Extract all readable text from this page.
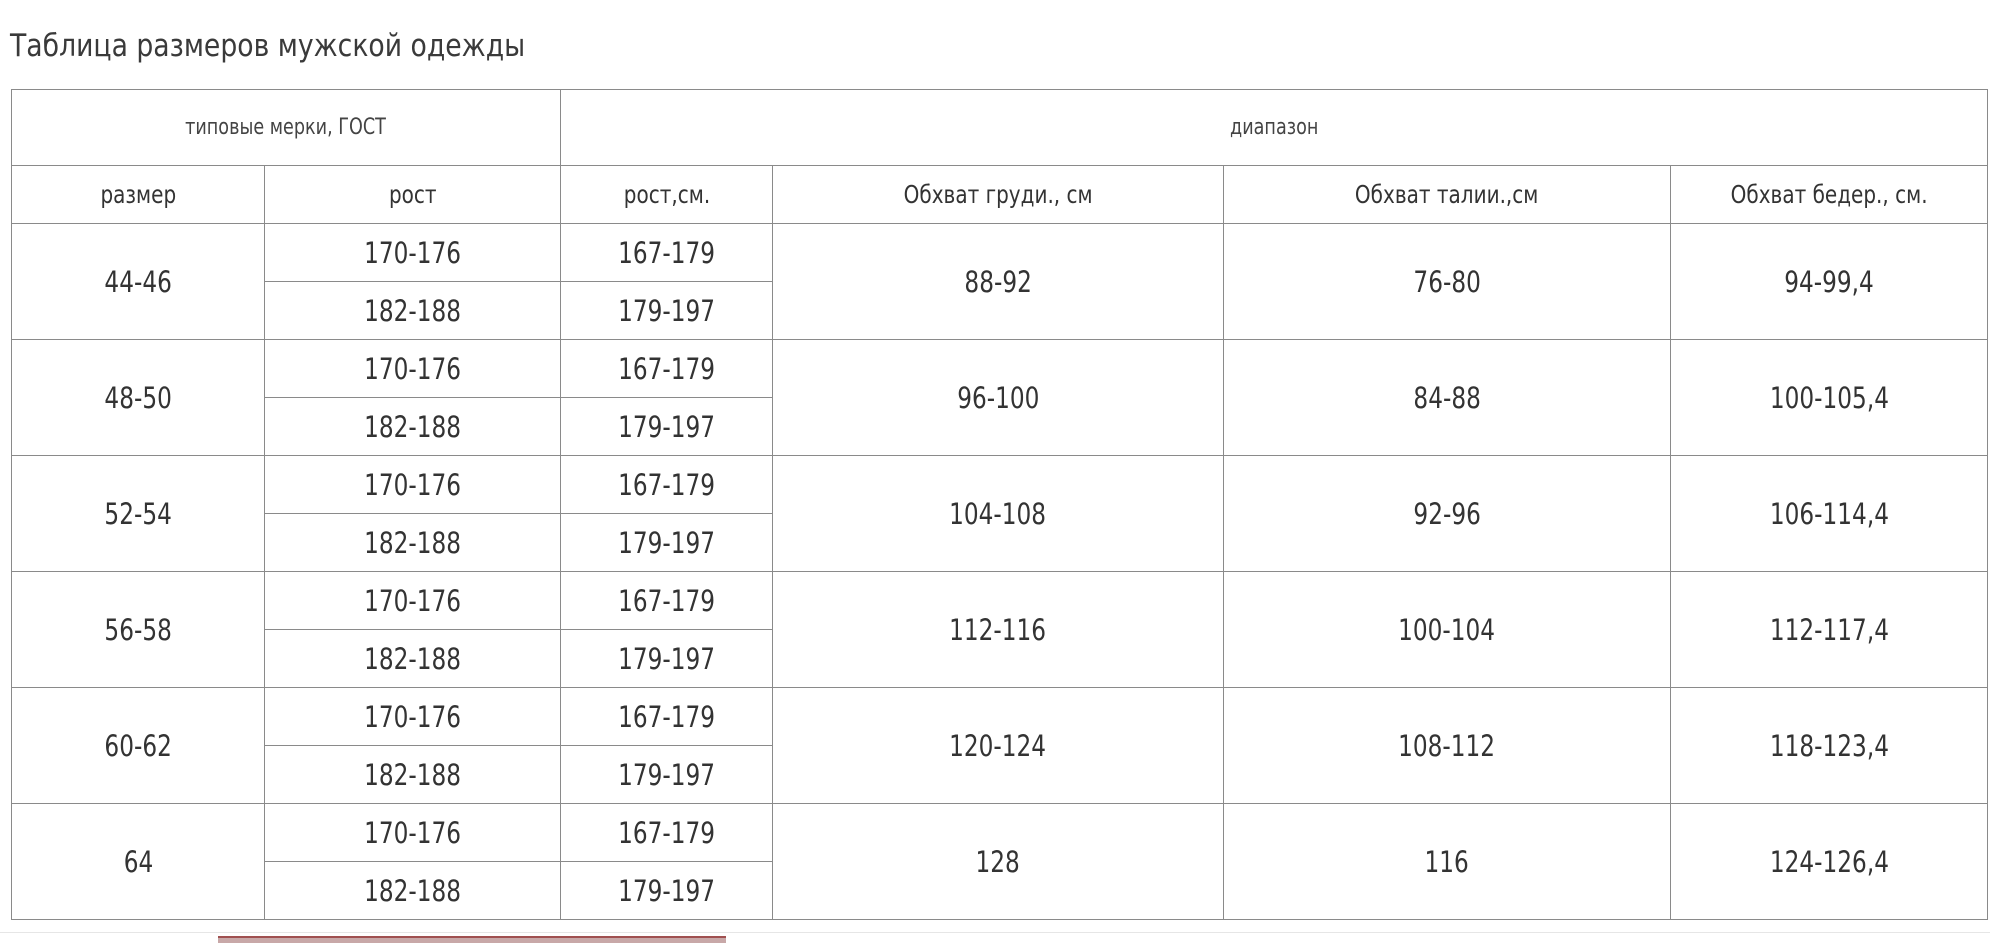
Таблица размеров мужской одежды
типовые мерки, ГОСТ		диапазон			
размер	рост	рост,см.	Обхват груди., см	Обхват талии.,см	Обхват бедер., см.
44-46	170-176	167-179	88-92	76-80	94-99,4
	182-188	179-197			
48-50	170-176	167-179	96-100	84-88	100-105,4
	182-188	179-197			
52-54	170-176	167-179	104-108	92-96	106-114,4
	182-188	179-197			
56-58	170-176	167-179	112-116	100-104	112-117,4
	182-188	179-197			
60-62	170-176	167-179	120-124	108-112	118-123,4
	182-188	179-197			
64	170-176	167-179	128	116	124-126,4
	182-188	179-197			
